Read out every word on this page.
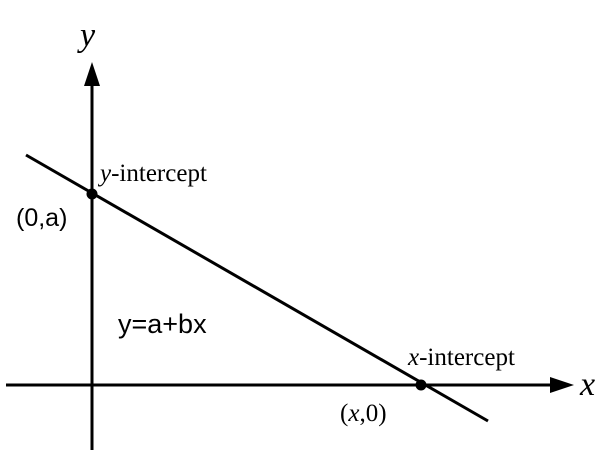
y
x
y-intercept
(0,a)
y=a+bx
x-intercept
(x,0)
